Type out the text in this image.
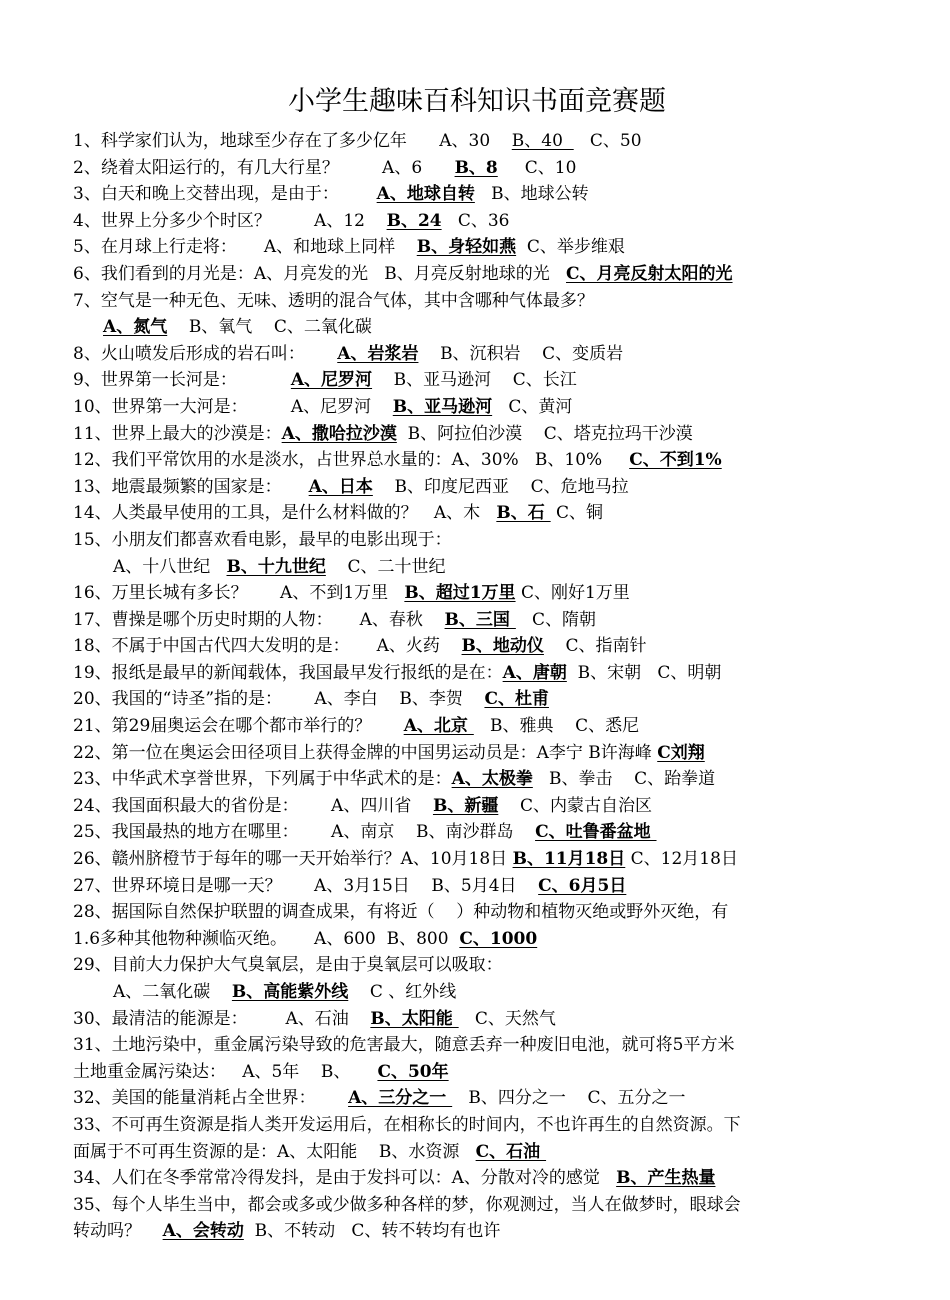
小学生趣味百科知识书面竞赛题
1、科学家们认为，地球至少存在了多少亿年      A、30    B、40     C、50
2、绕着太阳运行的，有几大行星？        A、6      B、8     C、10
3、白天和晚上交替出现，是由于：       A、地球自转   B、地球公转
4、世界上分多少个时区？        A、12    B、24   C、36
5、在月球上行走将：     A、和地球上同样    B、身轻如燕  C、举步维艰
6、我们看到的月光是：A、月亮发的光   B、月亮反射地球的光   C、月亮反射太阳的光
7、空气是一种无色、无味、透明的混合气体，其中含哪种气体最多？
A、氮气    B、氧气    C、二氧化碳
8、火山喷发后形成的岩石叫：      A、岩浆岩    B、沉积岩    C、变质岩
9、世界第一长河是：          A、尼罗河    B、亚马逊河    C、长江
10、世界第一大河是：        A、尼罗河    B、亚马逊河   C、黄河
11、世界上最大的沙漠是：A、撒哈拉沙漠  B、阿拉伯沙漠    C、塔克拉玛干沙漠
12、我们平常饮用的水是淡水，占世界总水量的：A、30%   B、10%     C、不到1%
13、地震最频繁的国家是：     A、日本    B、印度尼西亚    C、危地马拉
14、人类最早使用的工具，是什么材料做的？   A、木   B、石  C、铜
15、小朋友们都喜欢看电影，最早的电影出现于：
A、十八世纪   B、十九世纪    C、二十世纪
16、万里长城有多长？      A、不到1万里   B、超过1万里 C、刚好1万里
17、曹操是哪个历史时期的人物：     A、春秋    B、三国    C、隋朝
18、不属于中国古代四大发明的是：     A、火药    B、地动仪    C、指南针
19、报纸是最早的新闻载体，我国最早发行报纸的是在：A、唐朝  B、宋朝   C、明朝
20、我国的“诗圣”指的是：      A、李白    B、李贺    C、杜甫
21、第29届奥运会在哪个都市举行的？      A、北京    B、雅典    C、悉尼
22、第一位在奥运会田径项目上获得金牌的中国男运动员是：A李宁 B许海峰 C刘翔
23、中华武术享誉世界，下列属于中华武术的是：A、太极拳   B、拳击    C、跆拳道
24、我国面积最大的省份是：      A、四川省    B、新疆    C、内蒙古自治区
25、我国最热的地方在哪里：      A、南京    B、南沙群岛    C、吐鲁番盆地
26、赣州脐橙节于每年的哪一天开始举行？A、10月18日 B、11月18日 C、12月18日
27、世界环境日是哪一天？      A、3月15日    B、5月4日    C、6月5日
28、据国际自然保护联盟的调查成果，有将近（    ）种动物和植物灭绝或野外灭绝，有
1.6多种其他物种濒临灭绝。     A、600  B、800  C、1000
29、目前大力保护大气臭氧层，是由于臭氧层可以吸取：
A、二氧化碳    B、高能紫外线    C 、红外线
30、最清洁的能源是：       A、石油    B、太阳能    C、天然气
31、土地污染中，重金属污染导致的危害最大，随意丢弃一种废旧电池，就可将5平方米
土地重金属污染达：   A、5年    B、     C、50年
32、美国的能量消耗占全世界：      A、三分之一    B、四分之一    C、五分之一
33、不可再生资源是指人类开发运用后，在相称长的时间内，不也许再生的自然资源。下
面属于不可再生资源的是：A、太阳能    B、水资源   C、石油
34、人们在冬季常常冷得发抖，是由于发抖可以：A、分散对冷的感觉   B、产生热量
35、每个人毕生当中，都会或多或少做多种各样的梦，你观测过，当人在做梦时，眼球会
转动吗？    A、会转动  B、不转动   C、转不转均有也许
